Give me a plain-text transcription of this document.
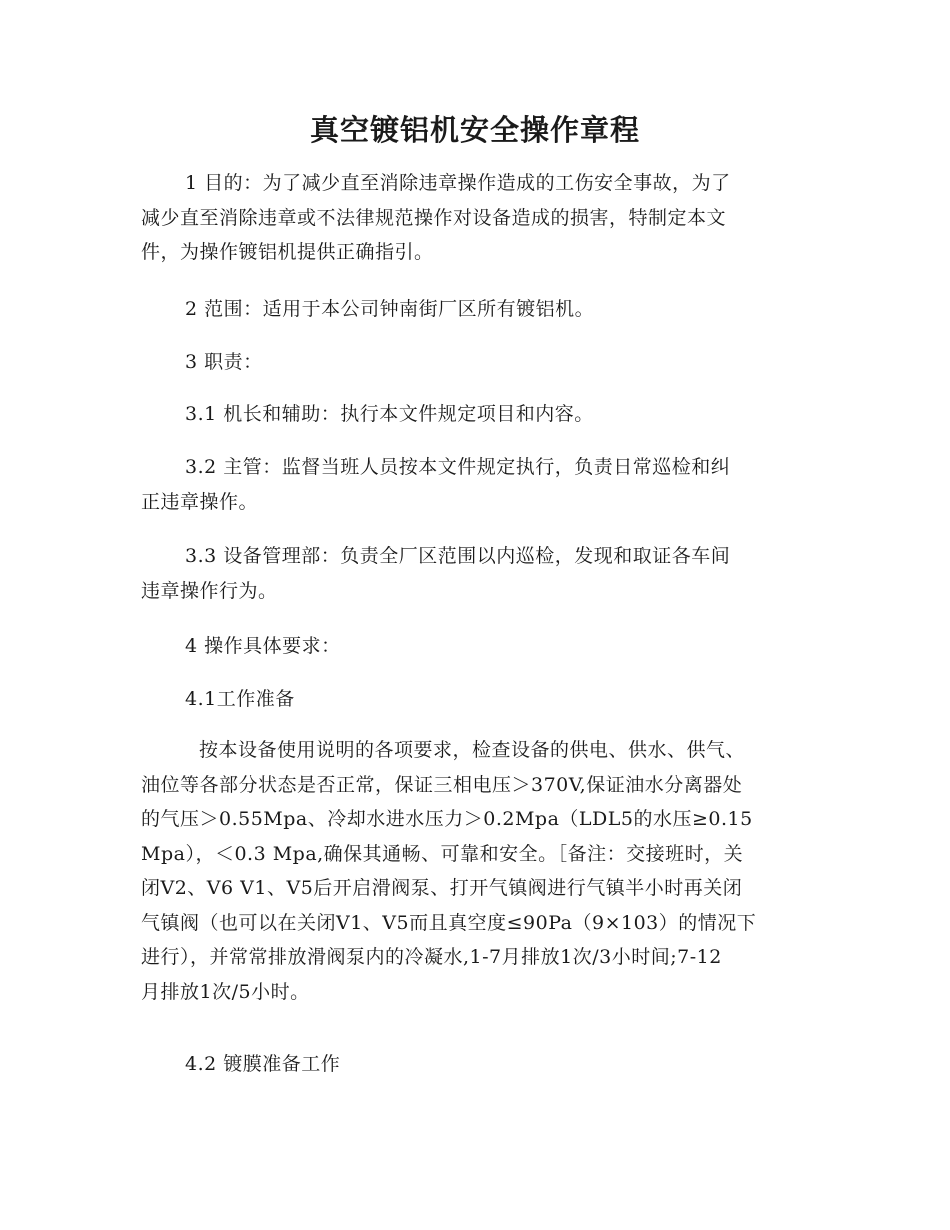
真空镀铝机安全操作章程
1 目的：为了减少直至消除违章操作造成的工伤安全事故，为了
减少直至消除违章或不法律规范操作对设备造成的损害，特制定本文
件，为操作镀铝机提供正确指引。
2 范围：适用于本公司钟南街厂区所有镀铝机。
3 职责：
3.1 机长和辅助：执行本文件规定项目和内容。
3.2 主管：监督当班人员按本文件规定执行，负责日常巡检和纠
正违章操作。
3.3 设备管理部：负责全厂区范围以内巡检，发现和取证各车间
违章操作行为。
4 操作具体要求：
4.1工作准备
按本设备使用说明的各项要求，检查设备的供电、供水、供气、
油位等各部分状态是否正常，保证三相电压＞370V,保证油水分离器处
的气压＞0.55Mpa、冷却水进水压力＞0.2Mpa（LDL5的水压≥0.15
Mpa），＜0.3 Mpa,确保其通畅、可靠和安全。［备注：交接班时，关
闭V2、V6 V1、V5后开启滑阀泵、打开气镇阀进行气镇半小时再关闭
气镇阀（也可以在关闭V1、V5而且真空度≤90Pa（9×103）的情况下
进行），并常常排放滑阀泵内的冷凝水,1-7月排放1次/3小时间;7-12
月排放1次/5小时。
4.2 镀膜准备工作
